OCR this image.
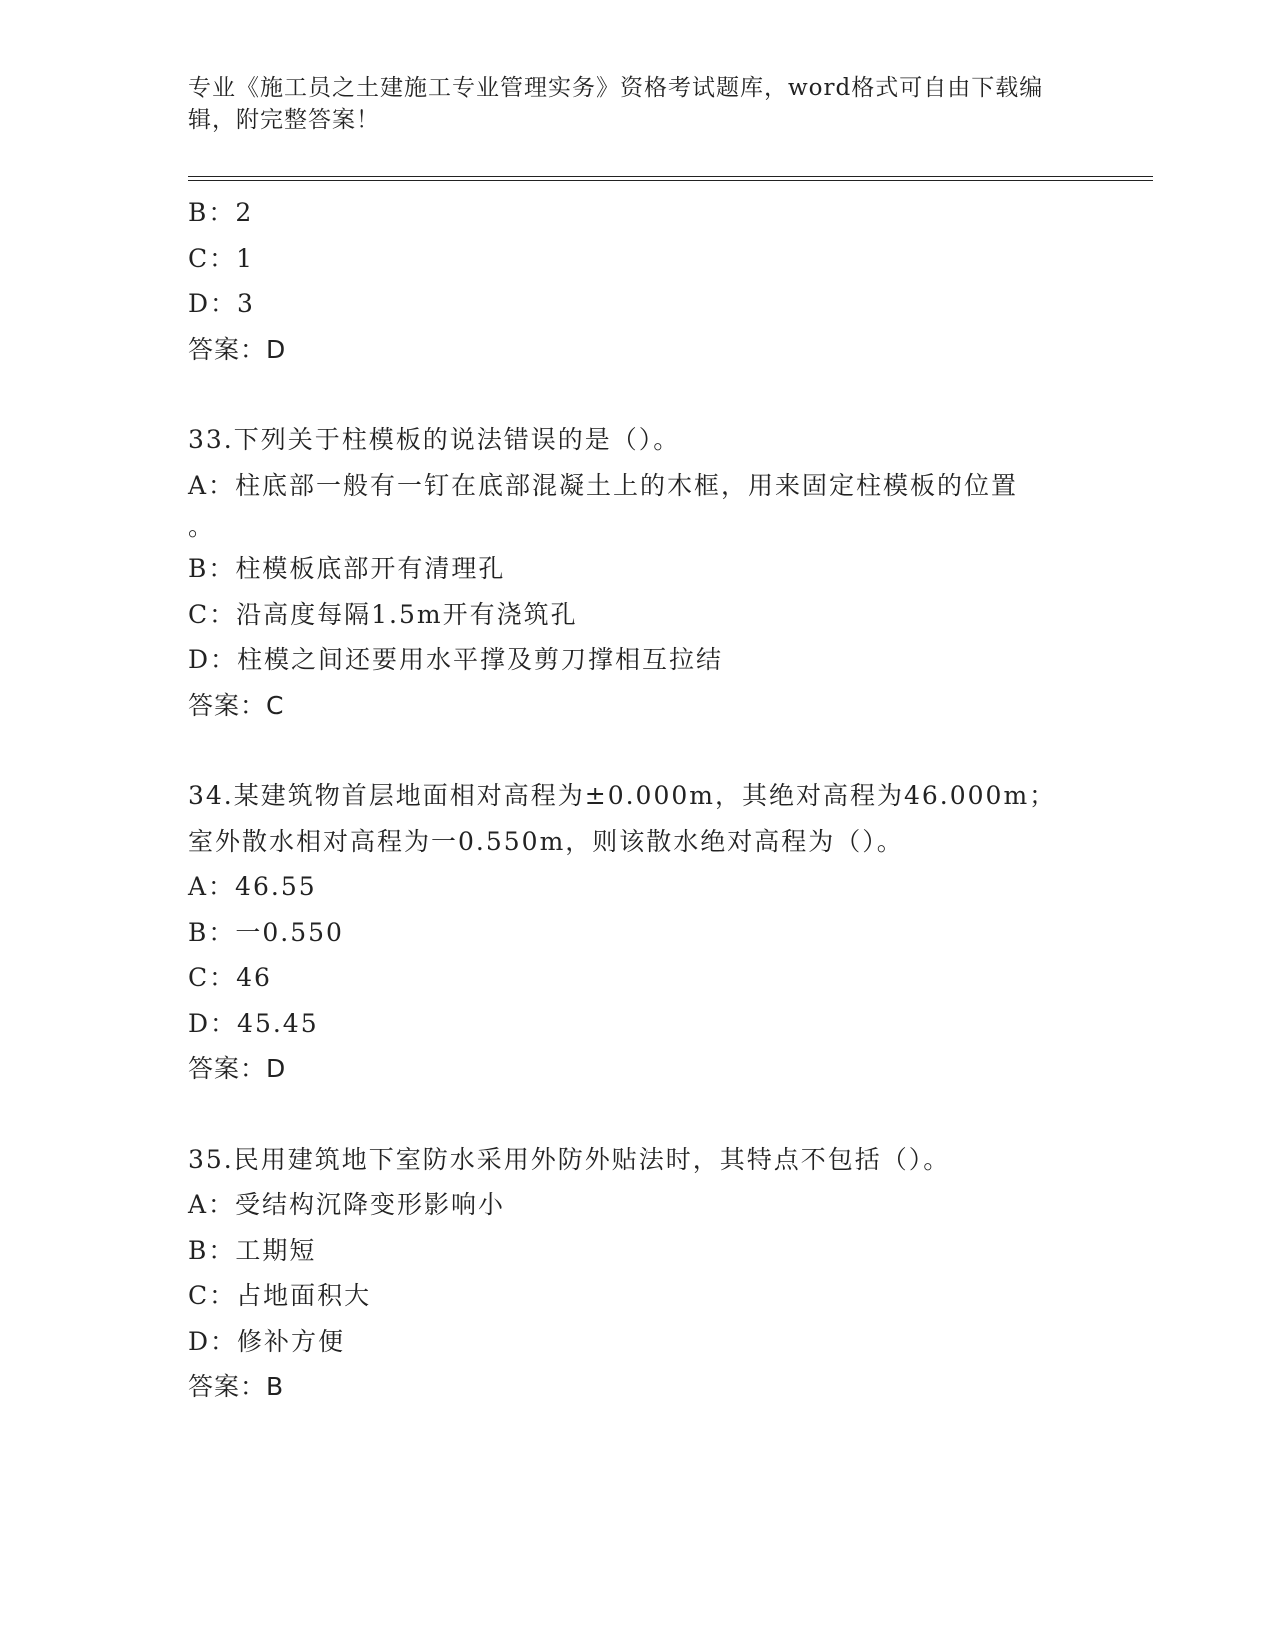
专业《施工员之土建施工专业管理实务》资格考试题库，word格式可自由下载编辑，附完整答案！
B：2
C：1
D：3
答案：D
33.下列关于柱模板的说法错误的是（）。
A：柱底部一般有一钉在底部混凝土上的木框，用来固定柱模板的位置
。
B：柱模板底部开有清理孔
C：沿高度每隔1.5m开有浇筑孔
D：柱模之间还要用水平撑及剪刀撑相互拉结
答案：C
34.某建筑物首层地面相对高程为±0.000m，其绝对高程为46.000m；
室外散水相对高程为一0.550m，则该散水绝对高程为（）。
A：46.55
B：一0.550
C：46
D：45.45
答案：D
35.民用建筑地下室防水采用外防外贴法时，其特点不包括（）。
A：受结构沉降变形影响小
B：工期短
C：占地面积大
D：修补方便
答案：B
